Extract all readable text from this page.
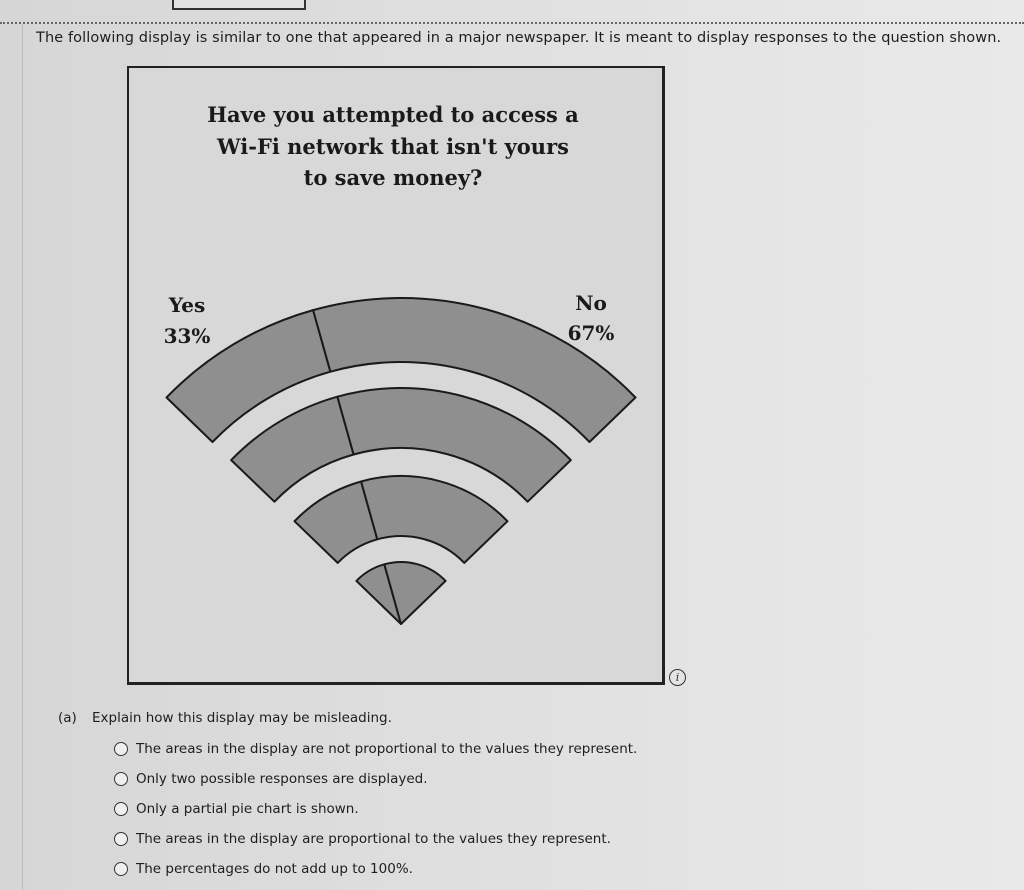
The following display is similar to one that appeared in a major newspaper. It is meant to display responses to the question shown.
Have you attempted to access a
Wi-Fi network that isn't yours
to save money?
Yes
33%
No
67%
i
(a) Explain how this display may be misleading.
The areas in the display are not proportional to the values they represent.
Only two possible responses are displayed.
Only a partial pie chart is shown.
The areas in the display are proportional to the values they represent.
The percentages do not add up to 100%.
